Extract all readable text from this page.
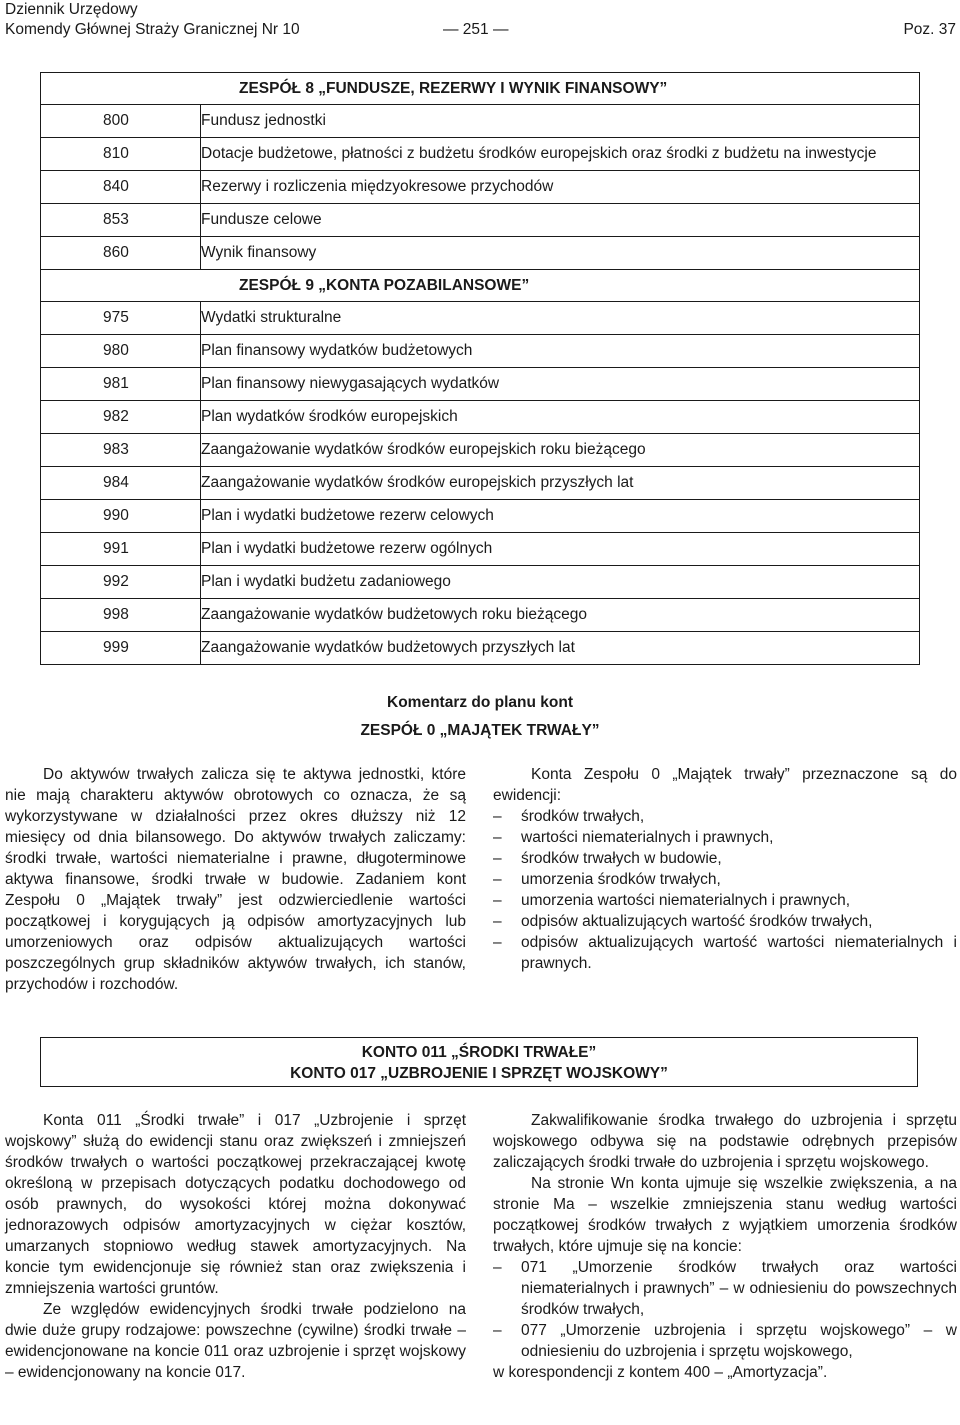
Dziennik Urzędowy
Komendy Głównej Straży Granicznej Nr 10	Poz. 37
— 251 —
ZESPÓŁ 8 „FUNDUSZE, REZERWY I WYNIK FINANSOWY”
800	Fundusz jednostki
810	Dotacje budżetowe, płatności z budżetu środków europejskich oraz środki z budżetu na inwestycje
840	Rezerwy i rozliczenia międzyokresowe przychodów
853	Fundusze celowe
860	Wynik finansowy
ZESPÓŁ 9 „KONTA POZABILANSOWE”
975	Wydatki strukturalne
980	Plan finansowy wydatków budżetowych
981	Plan finansowy niewygasających wydatków
982	Plan wydatków środków europejskich
983	Zaangażowanie wydatków środków europejskich roku bieżącego
984	Zaangażowanie wydatków środków europejskich przyszłych lat
990	Plan i wydatki budżetowe rezerw celowych
991	Plan i wydatki budżetowe rezerw ogólnych
992	Plan i wydatki budżetu zadaniowego
998	Zaangażowanie wydatków budżetowych roku bieżącego
999	Zaangażowanie wydatków budżetowych przyszłych lat
Komentarz do planu kont
ZESPÓŁ 0 „MAJĄTEK TRWAŁY”

Do aktywów trwałych zalicza się te aktywa jednostki, które nie mają charakteru aktywów obrotowych co oznacza, że są wykorzystywane w działalności przez okres dłuższy niż 12 miesięcy od dnia bilansowego. Do aktywów trwałych zaliczamy: środki trwałe, wartości niematerialne i prawne, długoterminowe aktywa finansowe, środki trwałe w budowie. Zadaniem kont Zespołu 0 „Majątek trwały” jest odzwierciedlenie wartości początkowej i korygujących ją odpisów amortyzacyjnych lub umorzeniowych oraz odpisów aktualizujących wartości poszczególnych grup składników aktywów trwałych, ich stanów, przychodów i rozchodów.

Konta Zespołu 0 „Majątek trwały” przeznaczone są do ewidencji:

– środków trwałych,
– wartości niematerialnych i prawnych,
– środków trwałych w budowie,
– umorzenia środków trwałych,
– umorzenia wartości niematerialnych i prawnych,
– odpisów aktualizujących wartość środków trwałych,
– odpisów aktualizujących wartość wartości niematerialnych i prawnych.
KONTO 011 „ŚRODKI TRWAŁE”
KONTO 017 „UZBROJENIE I SPRZĘT WOJSKOWY”

Konta 011 „Środki trwałe” i 017 „Uzbrojenie i sprzęt wojskowy” służą do ewidencji stanu oraz zwiększeń i zmniejszeń środków trwałych o wartości początkowej przekraczającej kwotę określoną w przepisach dotyczących podatku dochodowego od osób prawnych, do wysokości której można dokonywać jednorazowych odpisów amortyzacyjnych w ciężar kosztów, umarzanych stopniowo według stawek amortyzacyjnych. Na koncie tym ewidencjonuje się również stan oraz zwiększenia i zmniejszenia wartości gruntów.

Ze względów ewidencyjnych środki trwałe podzielono na dwie duże grupy rodzajowe: powszechne (cywilne) środki trwałe – ewidencjonowane na koncie 011 oraz uzbrojenie i sprzęt wojskowy – ewidencjonowany na koncie 017.

Zakwalifikowanie środka trwałego do uzbrojenia i sprzętu wojskowego odbywa się na podstawie odrębnych przepisów zaliczających środki trwałe do uzbrojenia i sprzętu wojskowego.

Na stronie Wn konta ujmuje się wszelkie zwiększenia, a na stronie Ma – wszelkie zmniejszenia stanu według wartości początkowej środków trwałych z wyjątkiem umorzenia środków trwałych, które ujmuje się na koncie:

– 071 „Umorzenie środków trwałych oraz wartości niematerialnych i prawnych” – w odniesieniu do powszechnych środków trwałych,
– 077 „Umorzenie uzbrojenia i sprzętu wojskowego” – w odniesieniu do uzbrojenia i sprzętu wojskowego,

w korespondencji z kontem 400 – „Amortyzacja”.
